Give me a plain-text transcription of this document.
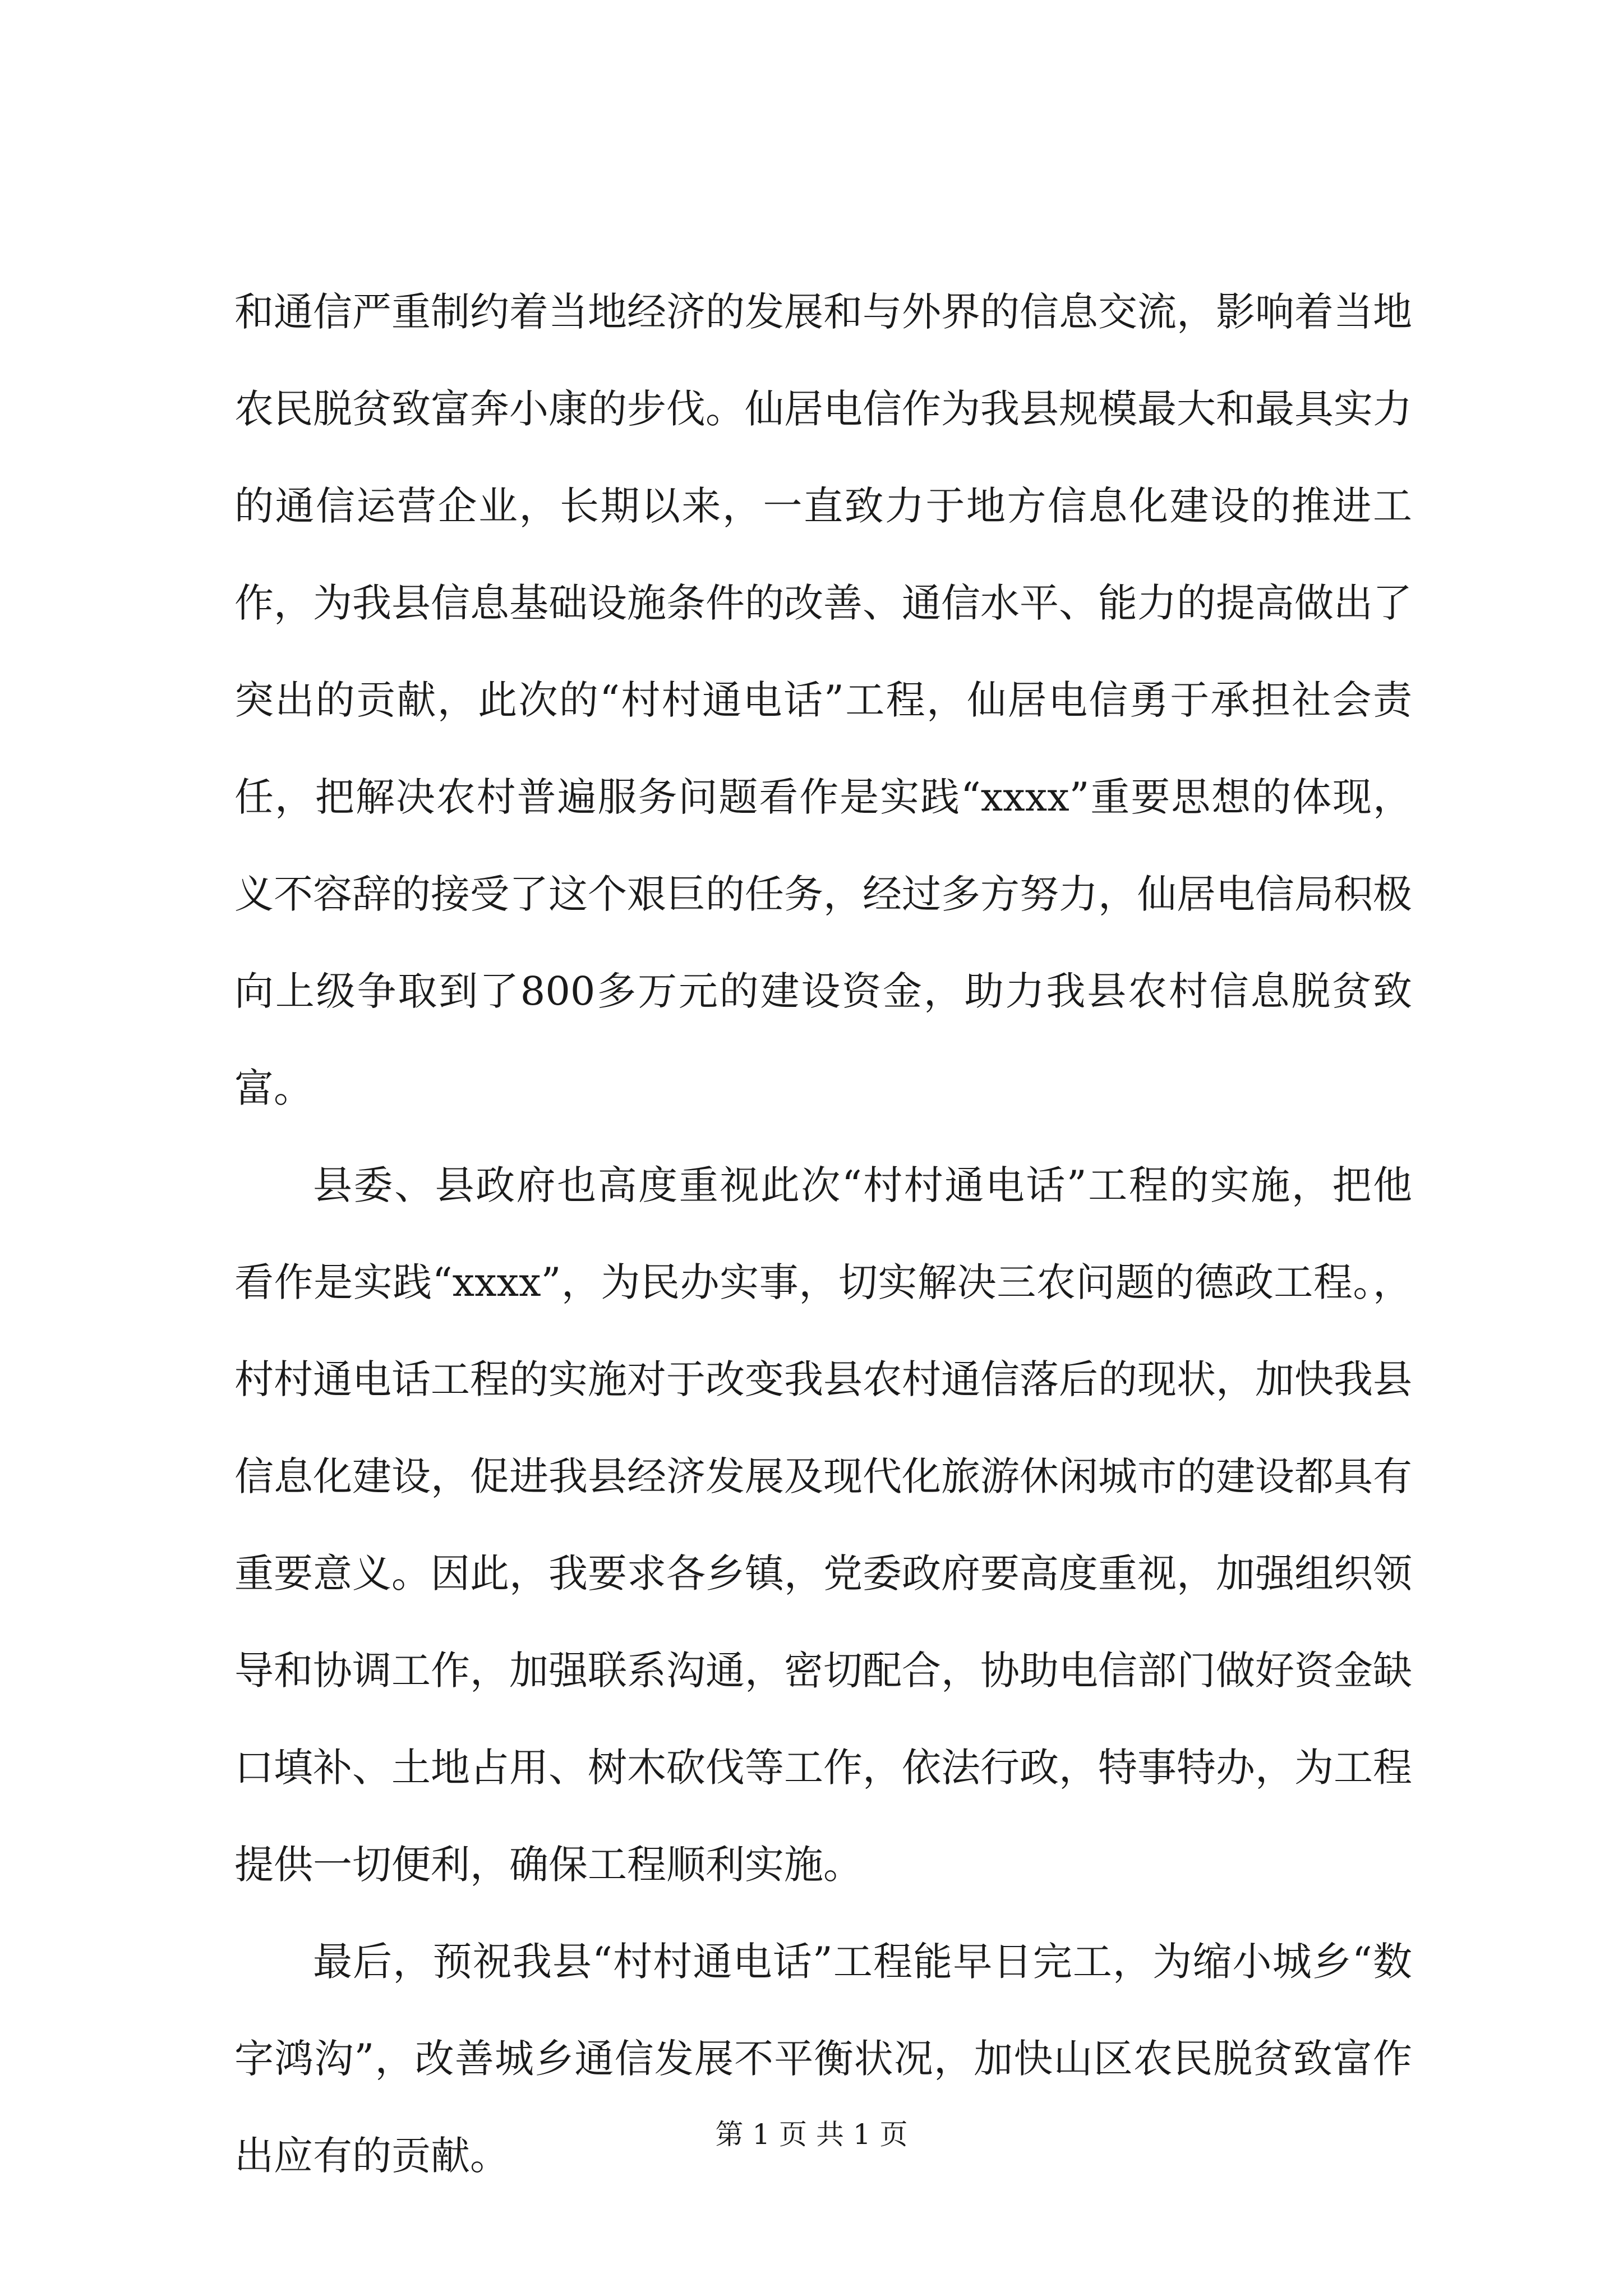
和通信严重制约着当地经济的发展和与外界的信息交流，影响着当地农民脱贫致富奔小康的步伐。仙居电信作为我县规模最大和最具实力的通信运营企业，长期以来，一直致力于地方信息化建设的推进工作，为我县信息基础设施条件的改善、通信水平、能力的提高做出了突出的贡献，此次的“村村通电话”工程，仙居电信勇于承担社会责任，把解决农村普遍服务问题看作是实践“xxxx”重要思想的体现，义不容辞的接受了这个艰巨的任务，经过多方努力，仙居电信局积极向上级争取到了800多万元的建设资金，助力我县农村信息脱贫致富。

县委、县政府也高度重视此次“村村通电话”工程的实施，把他看作是实践“xxxx”，为民办实事，切实解决三农问题的德政工程。，村村通电话工程的实施对于改变我县农村通信落后的现状，加快我县信息化建设，促进我县经济发展及现代化旅游休闲城市的建设都具有重要意义。因此，我要求各乡镇，党委政府要高度重视，加强组织领导和协调工作，加强联系沟通，密切配合，协助电信部门做好资金缺口填补、土地占用、树木砍伐等工作，依法行政，特事特办，为工程提供一切便利，确保工程顺利实施。

最后，预祝我县“村村通电话”工程能早日完工，为缩小城乡“数字鸿沟”，改善城乡通信发展不平衡状况，加快山区农民脱贫致富作出应有的贡献。	第 1 页 共 1 页
